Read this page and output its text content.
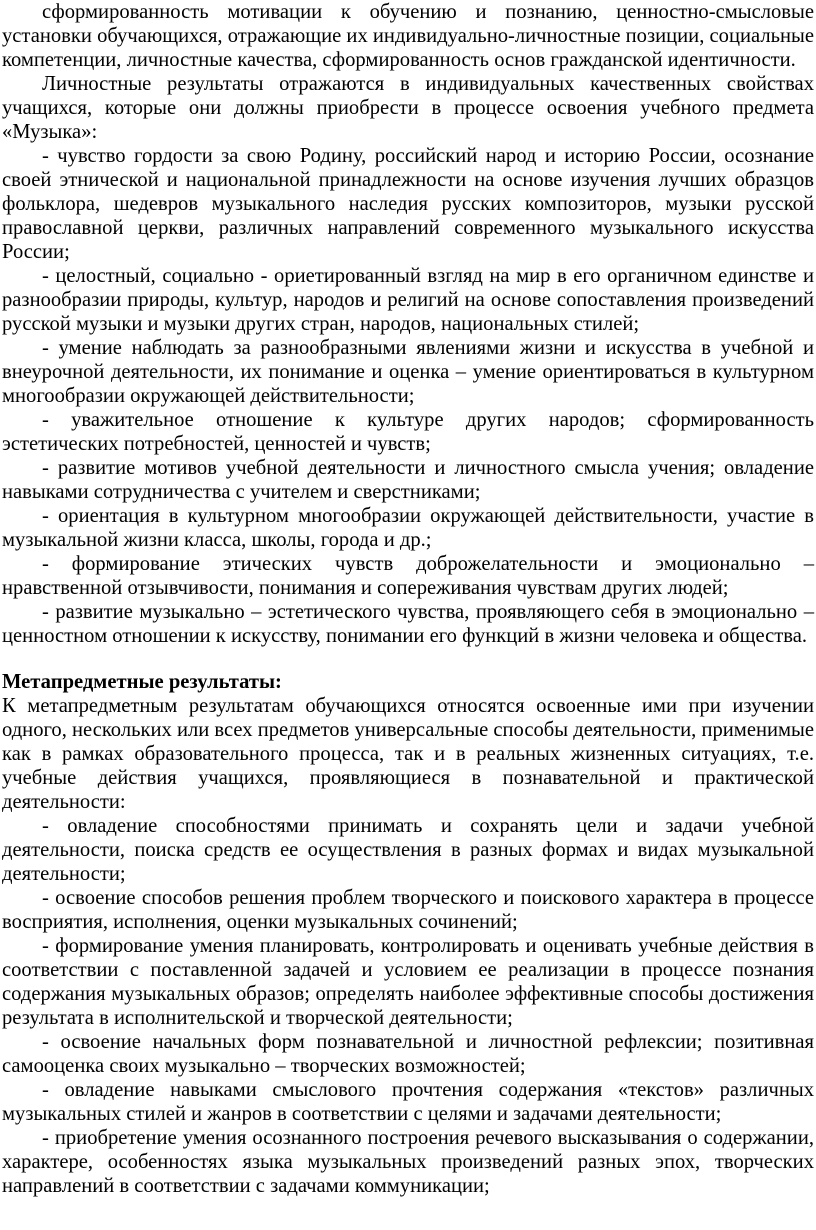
сформированность мотивации к обучению и познанию, ценностно-смысловые установки обучающихся, отражающие их индивидуально-личностные позиции, социальные компетенции, личностные качества, сформированность основ гражданской идентичности.

Личностные результаты отражаются в индивидуальных качественных свойствах учащихся, которые они должны приобрести в процессе освоения учебного предмета «Музыка»:

- чувство гордости за свою Родину, российский народ и историю России, осознание своей этнической и национальной принадлежности на основе изучения лучших образцов фольклора, шедевров музыкального наследия русских композиторов, музыки русской православной церкви, различных направлений современного музыкального искусства России;

- целостный, социально - ориетированный взгляд на мир в его органичном единстве и разнообразии природы, культур, народов и религий на основе сопоставления произведений русской музыки и музыки других стран, народов, национальных стилей;

- умение наблюдать за разнообразными явлениями жизни и искусства в учебной и внеурочной деятельности, их понимание и оценка – умение ориентироваться в культурном многообразии окружающей действительности;

- уважительное отношение к культуре других народов; сформированность эстетических потребностей, ценностей и чувств;

- развитие мотивов учебной деятельности и личностного смысла учения; овладение навыками сотрудничества с учителем и сверстниками;

- ориентация в культурном многообразии окружающей действительности, участие в музыкальной жизни класса, школы, города и др.;

- формирование этических чувств доброжелательности и эмоционально – нравственной отзывчивости, понимания и сопереживания чувствам других людей;

- развитие музыкально – эстетического чувства, проявляющего себя в эмоционально – ценностном отношении к искусству, понимании его функций в жизни человека и общества.

Метапредметные результаты:

К метапредметным результатам обучающихся относятся освоенные ими при изучении одного, нескольких или всех предметов универсальные способы деятельности, применимые как в рамках образовательного процесса, так и в реальных жизненных ситуациях, т.е. учебные действия учащихся, проявляющиеся в познавательной и практической деятельности:

- овладение способностями принимать и сохранять цели и задачи учебной деятельности, поиска средств ее осуществления в разных формах и видах музыкальной деятельности;

- освоение способов решения проблем творческого и поискового характера в процессе восприятия, исполнения, оценки музыкальных сочинений;

- формирование умения планировать, контролировать и оценивать учебные действия в соответствии с поставленной задачей и условием ее реализации в процессе познания содержания музыкальных образов; определять наиболее эффективные способы достижения результата в исполнительской и творческой деятельности;

- освоение начальных форм познавательной и личностной рефлексии; позитивная самооценка своих музыкально – творческих возможностей;

- овладение навыками смыслового прочтения содержания «текстов» различных музыкальных стилей и жанров в соответствии с целями и задачами деятельности;

- приобретение умения осознанного построения речевого высказывания о содержании, характере, особенностях языка музыкальных произведений разных эпох, творческих направлений в соответствии с задачами коммуникации;
